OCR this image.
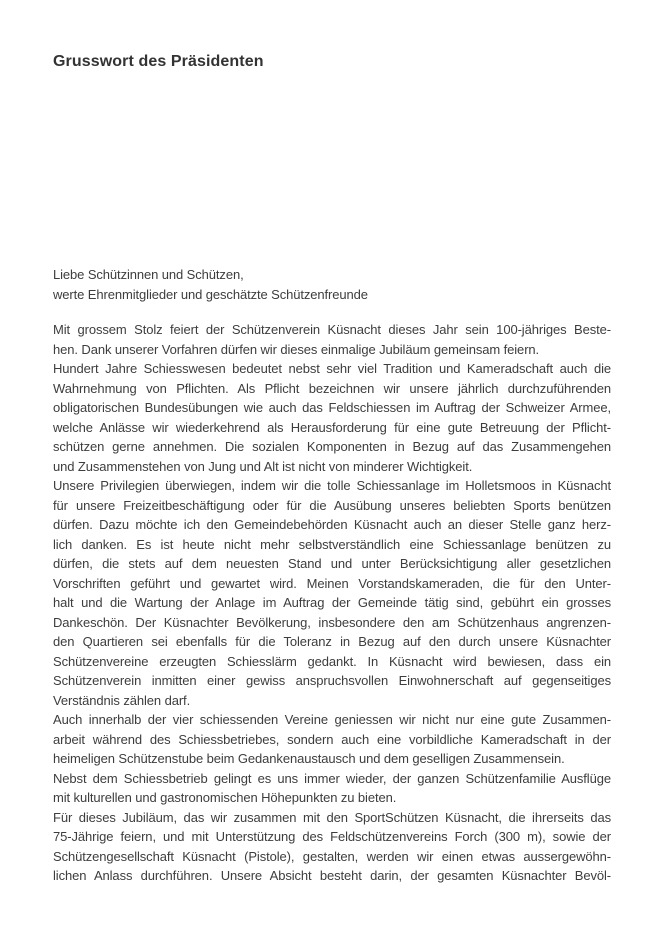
Grusswort des Präsidenten
Liebe Schützinnen und Schützen,
werte Ehrenmitglieder und geschätzte Schützenfreunde
Mit grossem Stolz feiert der Schützenverein Küsnacht dieses Jahr sein 100-jähriges Beste-
hen. Dank unserer Vorfahren dürfen wir dieses einmalige Jubiläum gemeinsam feiern.
Hundert Jahre Schiesswesen bedeutet nebst sehr viel Tradition und Kameradschaft auch die
Wahrnehmung von Pflichten. Als Pflicht bezeichnen wir unsere jährlich durchzuführenden
obligatorischen Bundesübungen wie auch das Feldschiessen im Auftrag der Schweizer Armee,
welche Anlässe wir wiederkehrend als Herausforderung für eine gute Betreuung der Pflicht-
schützen gerne annehmen. Die sozialen Komponenten in Bezug auf das Zusammengehen
und Zusammenstehen von Jung und Alt ist nicht von minderer Wichtigkeit.
Unsere Privilegien überwiegen, indem wir die tolle Schiessanlage im Holletsmoos in Küsnacht
für unsere Freizeitbeschäftigung oder für die Ausübung unseres beliebten Sports benützen
dürfen. Dazu möchte ich den Gemeindebehörden Küsnacht auch an dieser Stelle ganz herz-
lich danken. Es ist heute nicht mehr selbstverständlich eine Schiessanlage benützen zu
dürfen, die stets auf dem neuesten Stand und unter Berücksichtigung aller gesetzlichen
Vorschriften geführt und gewartet wird. Meinen Vorstandskameraden, die für den Unter-
halt und die Wartung der Anlage im Auftrag der Gemeinde tätig sind, gebührt ein grosses
Dankeschön. Der Küsnachter Bevölkerung, insbesondere den am Schützenhaus angrenzen-
den Quartieren sei ebenfalls für die Toleranz in Bezug auf den durch unsere Küsnachter
Schützenvereine erzeugten Schiesslärm gedankt. In Küsnacht wird bewiesen, dass ein
Schützenverein inmitten einer gewiss anspruchsvollen Einwohnerschaft auf gegenseitiges
Verständnis zählen darf.
Auch innerhalb der vier schiessenden Vereine geniessen wir nicht nur eine gute Zusammen-
arbeit während des Schiessbetriebes, sondern auch eine vorbildliche Kameradschaft in der
heimeligen Schützenstube beim Gedankenaustausch und dem geselligen Zusammensein.
Nebst dem Schiessbetrieb gelingt es uns immer wieder, der ganzen Schützenfamilie Ausflüge
mit kulturellen und gastronomischen Höhepunkten zu bieten.
Für dieses Jubiläum, das wir zusammen mit den SportSchützen Küsnacht, die ihrerseits das
75-Jährige feiern, und mit Unterstützung des Feldschützenvereins Forch (300 m), sowie der
Schützengesellschaft Küsnacht (Pistole), gestalten, werden wir einen etwas aussergewöhn-
lichen Anlass durchführen. Unsere Absicht besteht darin, der gesamten Küsnachter Bevöl-
